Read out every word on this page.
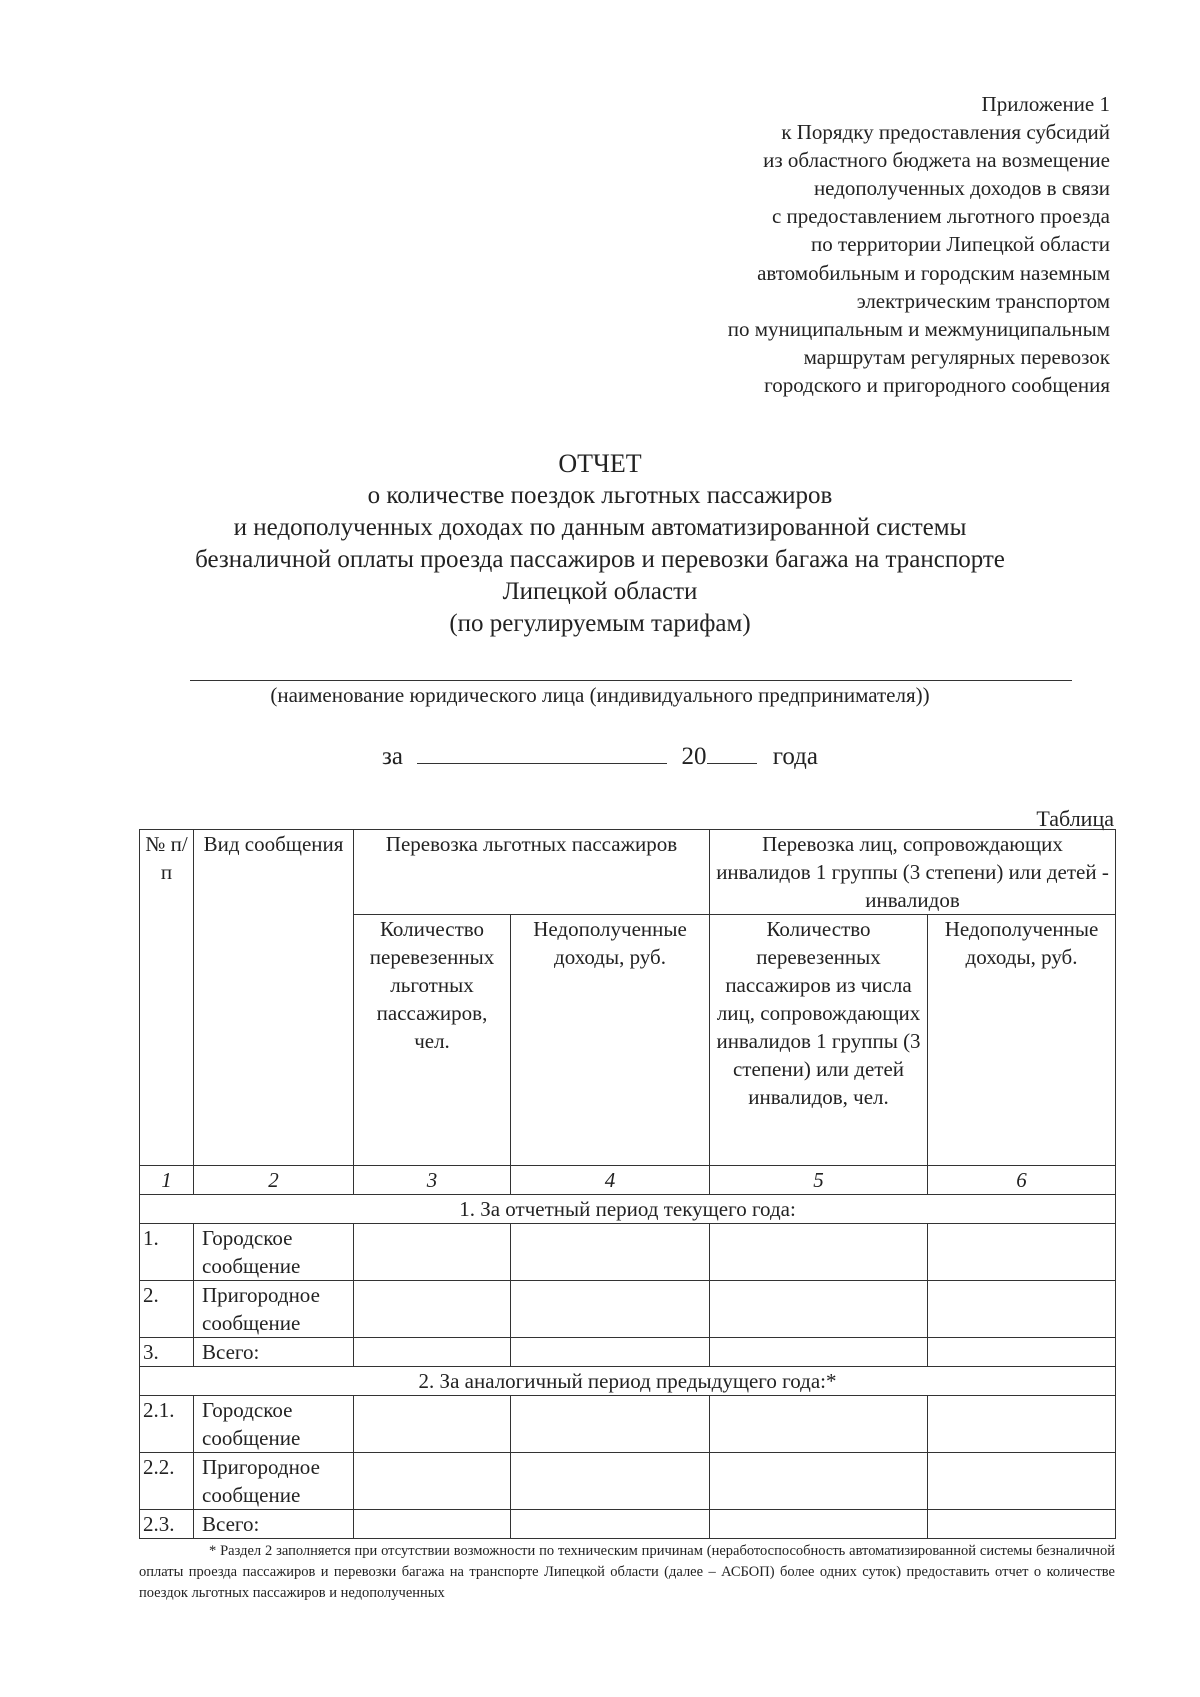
Приложение 1
к Порядку предоставления субсидий
из областного бюджета на возмещение
недополученных доходов в связи
с предоставлением льготного проезда
по территории Липецкой области
автомобильным и городским наземным
электрическим транспортом
по муниципальным и межмуниципальным
маршрутам регулярных перевозок
городского и пригородного сообщения
ОТЧЕТ
о количестве поездок льготных пассажиров
и недополученных доходах по данным автоматизированной системы
безналичной оплаты проезда пассажиров и перевозки багажа на транспорте
Липецкой области
(по регулируемым тарифам)
(наименование юридического лица (индивидуального предпринимателя))
за	20	года
Таблица
№ п/п	Вид сообщения	Перевозка льготных пассажиров		Перевозка лиц, сопровождающих инвалидов 1 группы (3 степени) или детей - инвалидов	
		Количество перевезенных льготных пассажиров, чел.	Недополученные доходы, руб.	Количество перевезенных пассажиров из числа лиц, сопровождающих инвалидов 1 группы (3 степени) или детей инвалидов, чел.	Недополученные доходы, руб.
1	2	3	4	5	6
1. За отчетный период текущего года:					
1.	Городское сообщение				
2.	Пригородное сообщение				
3.	Всего:				
2. За аналогичный период предыдущего года:*					
2.1.	Городское сообщение				
2.2.	Пригородное сообщение				
2.3.	Всего:				
* Раздел 2 заполняется при отсутствии возможности по техническим причинам (неработоспособность автоматизированной системы безналичной оплаты проезда пассажиров и перевозки багажа на транспорте Липецкой области (далее – АСБОП) более одних суток) предоставить отчет о количестве поездок льготных пассажиров и недополученных
